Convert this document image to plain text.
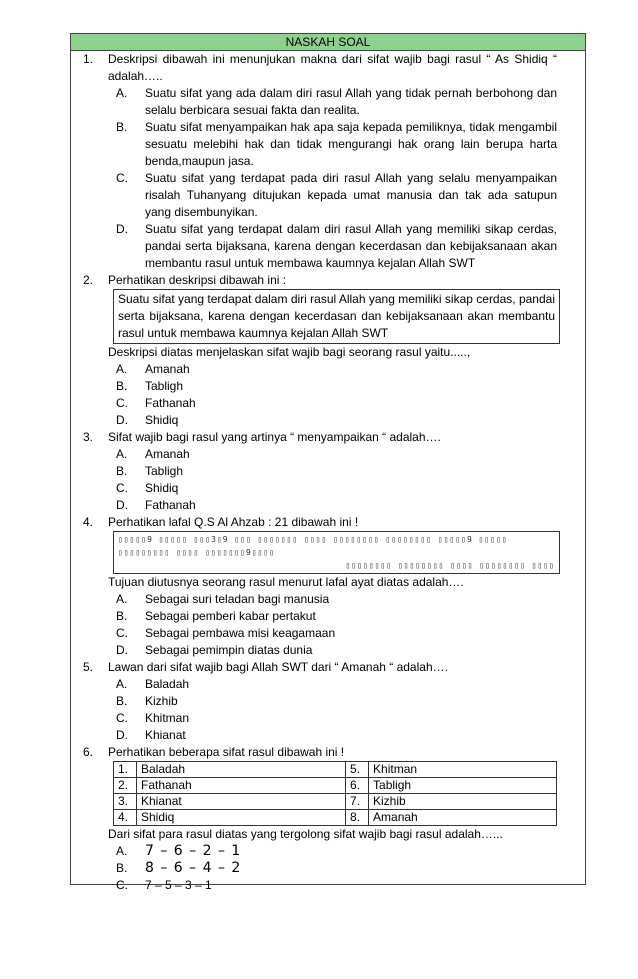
NASKAH SOAL
1. Deskripsi dibawah ini menunjukan makna dari sifat wajib bagi rasul “ As Shidiq “ adalah…..
A. Suatu sifat yang ada dalam diri rasul Allah yang tidak pernah berbohong dan selalu berbicara sesuai fakta dan realita.
B. Suatu sifat menyampaikan hak apa saja kepada pemiliknya, tidak mengambil sesuatu melebihi hak dan tidak mengurangi hak orang lain berupa harta benda,maupun jasa.
C. Suatu sifat yang terdapat pada diri rasul Allah yang selalu menyampaikan risalah Tuhanyang ditujukan kepada umat manusia dan tak ada satupun yang disembunyikan.
D. Suatu sifat yang terdapat dalam diri rasul Allah yang memiliki sikap cerdas, pandai serta bijaksana, karena dengan kecerdasan dan kebijaksanaan akan membantu rasul untuk membawa kaumnya kejalan Allah SWT
2. Perhatikan deskripsi dibawah ini :
Suatu sifat yang terdapat dalam diri rasul Allah yang memiliki sikap cerdas, pandai serta bijaksana, karena dengan kecerdasan dan kebijaksanaan akan membantu rasul untuk membawa kaumnya kejalan Allah SWT
Deskripsi diatas menjelaskan sifat wajib bagi seorang rasul yaitu.....,
A. Amanah
B. Tabligh
C. Fathanah
D. Shidiq
3. Sifat wajib bagi rasul yang artinya “ menyampaikan “ adalah….
A. Amanah
B. Tabligh
C. Shidiq
D. Fathanah
4. Perhatikan lafal Q.S Al Ahzab : 21 dibawah ini !
▯▯▯▯▯9 ▯▯▯▯▯ ▯▯▯3▯9 ▯▯▯ ▯▯▯▯▯▯▯ ▯▯▯▯ ▯▯▯▯▯▯▯▯ ▯▯▯▯▯▯▯▯ ▯▯▯▯▯9 ▯▯▯▯▯ ▯▯▯▯▯▯▯▯▯ ▯▯▯▯ ▯▯▯▯▯▯▯9▯▯▯▯
▯▯▯▯▯▯▯▯ ▯▯▯▯▯▯▯▯ ▯▯▯▯ ▯▯▯▯▯▯▯▯ ▯▯▯▯
Tujuan diutusnya seorang rasul menurut lafal ayat diatas adalah….
A. Sebagai suri teladan bagi manusia
B. Sebagai pemberi kabar pertakut
C. Sebagai pembawa misi keagamaan
D. Sebagai pemimpin diatas dunia
5. Lawan dari sifat wajib bagi Allah SWT dari “ Amanah “ adalah….
A. Baladah
B. Kizhib
C. Khitman
D. Khianat
6. Perhatikan beberapa sifat rasul dibawah ini !
1.	Baladah	5.	Khitman
2.	Fathanah	6.	Tabligh
3.	Khianat	7.	Kizhib
4.	Shidiq	8.	Amanah
Dari sifat para rasul diatas yang tergolong sifat wajib bagi rasul adalah…...
A. 7 – 6 – 2 – 1
B. 8 – 6 – 4 – 2
C. 7 – 5 – 3 – 1
